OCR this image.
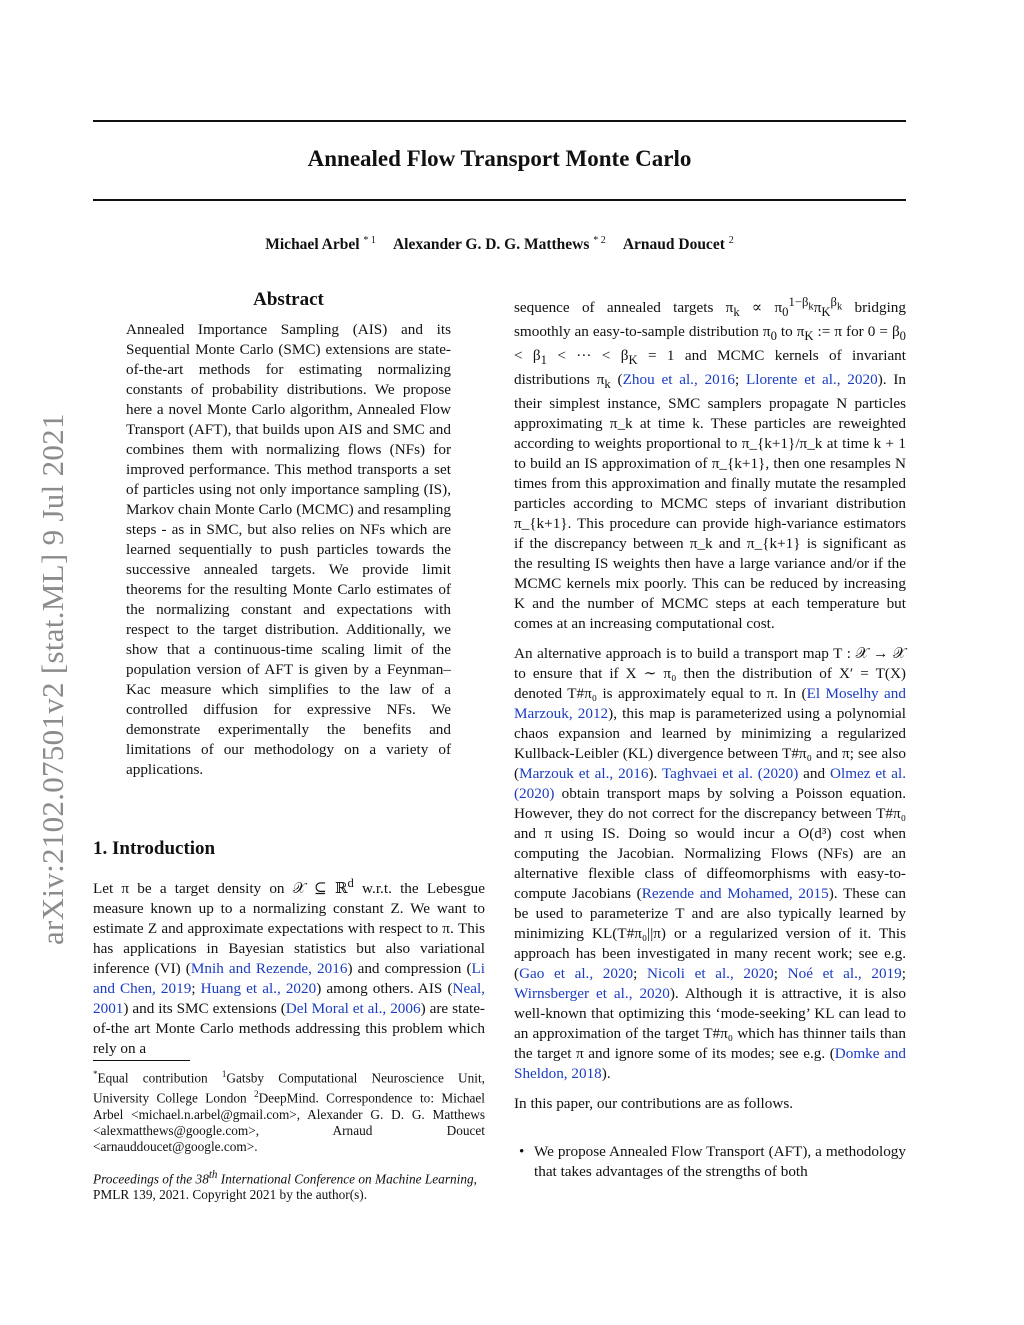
Annealed Flow Transport Monte Carlo
Michael Arbel $^{* 1}$ Alexander G. D. G. Matthews $^{* 2}$ Arnaud Doucet $^2$
arXiv:2102.07501v2 [stat.ML] 9 Jul 2021
Abstract
Annealed Importance Sampling (AIS) and its Sequential Monte Carlo (SMC) extensions are state-of-the-art methods for estimating normalizing constants of probability distributions. We propose here a novel Monte Carlo algorithm, Annealed Flow Transport (AFT), that builds upon AIS and SMC and combines them with normalizing flows (NFs) for improved performance. This method transports a set of particles using not only importance sampling (IS), Markov chain Monte Carlo (MCMC) and resampling steps - as in SMC, but also relies on NFs which are learned sequentially to push particles towards the successive annealed targets. We provide limit theorems for the resulting Monte Carlo estimates of the normalizing constant and expectations with respect to the target distribution. Additionally, we show that a continuous-time scaling limit of the population version of AFT is given by a Feynman–Kac measure which simplifies to the law of a controlled diffusion for expressive NFs. We demonstrate experimentally the benefits and limitations of our methodology on a variety of applications.
1. Introduction
Let π be a target density on 𝒳 ⊆ ℝ$^d$ w.r.t. the Lebesgue measure known up to a normalizing constant Z. We want to estimate Z and approximate expectations with respect to π. This has applications in Bayesian statistics but also variational inference (VI) (Mnih and Rezende, 2016) and compression (Li and Chen, 2019; Huang et al., 2020) among others. AIS (Neal, 2001) and its SMC extensions (Del Moral et al., 2006) are state-of-the art Monte Carlo methods addressing this problem which rely on a
*Equal contribution $^1$Gatsby Computational Neuroscience Unit, University College London $^2$DeepMind. Correspondence to: Michael Arbel <michael.n.arbel@gmail.com>, Alexander G. D. G. Matthews <alexmatthews@google.com>, Arnaud Doucet <arnauddoucet@google.com>.
Proceedings of the 38th International Conference on Machine Learning, PMLR 139, 2021. Copyright 2021 by the author(s).
sequence of annealed targets $\pi_k \propto \pi_0^{1-\beta_k}\pi_K^{\beta_k}$ bridging smoothly an easy-to-sample distribution $\pi_0$ to $\pi_K$ := π for $0 = \beta_0 < \beta_1$ < ··· < $\beta_K = 1$ and MCMC kernels of invariant distributions $\pi_k$ (Zhou et al., 2016; Llorente et al., 2020). In their simplest instance, SMC samplers propagate N particles approximating π_k at time k. These particles are reweighted according to weights proportional to π_{k+1}/π_k at time k + 1 to build an IS approximation of π_{k+1}, then one resamples N times from this approximation and finally mutate the resampled particles according to MCMC steps of invariant distribution π_{k+1}. This procedure can provide high-variance estimators if the discrepancy between π_k and π_{k+1} is significant as the resulting IS weights then have a large variance and/or if the MCMC kernels mix poorly. This can be reduced by increasing K and the number of MCMC steps at each temperature but comes at an increasing computational cost.
An alternative approach is to build a transport map T : 𝒳 → 𝒳 to ensure that if X ∼ π₀ then the distribution of X′ = T(X) denoted T#π₀ is approximately equal to π. In (El Moselhy and Marzouk, 2012), this map is parameterized using a polynomial chaos expansion and learned by minimizing a regularized Kullback-Leibler (KL) divergence between T#π₀ and π; see also (Marzouk et al., 2016). Taghvaei et al. (2020) and Olmez et al. (2020) obtain transport maps by solving a Poisson equation. However, they do not correct for the discrepancy between T#π₀ and π using IS. Doing so would incur a O(d³) cost when computing the Jacobian. Normalizing Flows (NFs) are an alternative flexible class of diffeomorphisms with easy-to-compute Jacobians (Rezende and Mohamed, 2015). These can be used to parameterize T and are also typically learned by minimizing KL(T#π₀||π) or a regularized version of it. This approach has been investigated in many recent work; see e.g. (Gao et al., 2020; Nicoli et al., 2020; Noé et al., 2019; Wirnsberger et al., 2020). Although it is attractive, it is also well-known that optimizing this ‘mode-seeking’ KL can lead to an approximation of the target T#π₀ which has thinner tails than the target π and ignore some of its modes; see e.g. (Domke and Sheldon, 2018).
In this paper, our contributions are as follows.
• We propose Annealed Flow Transport (AFT), a methodology that takes advantages of the strengths of both
